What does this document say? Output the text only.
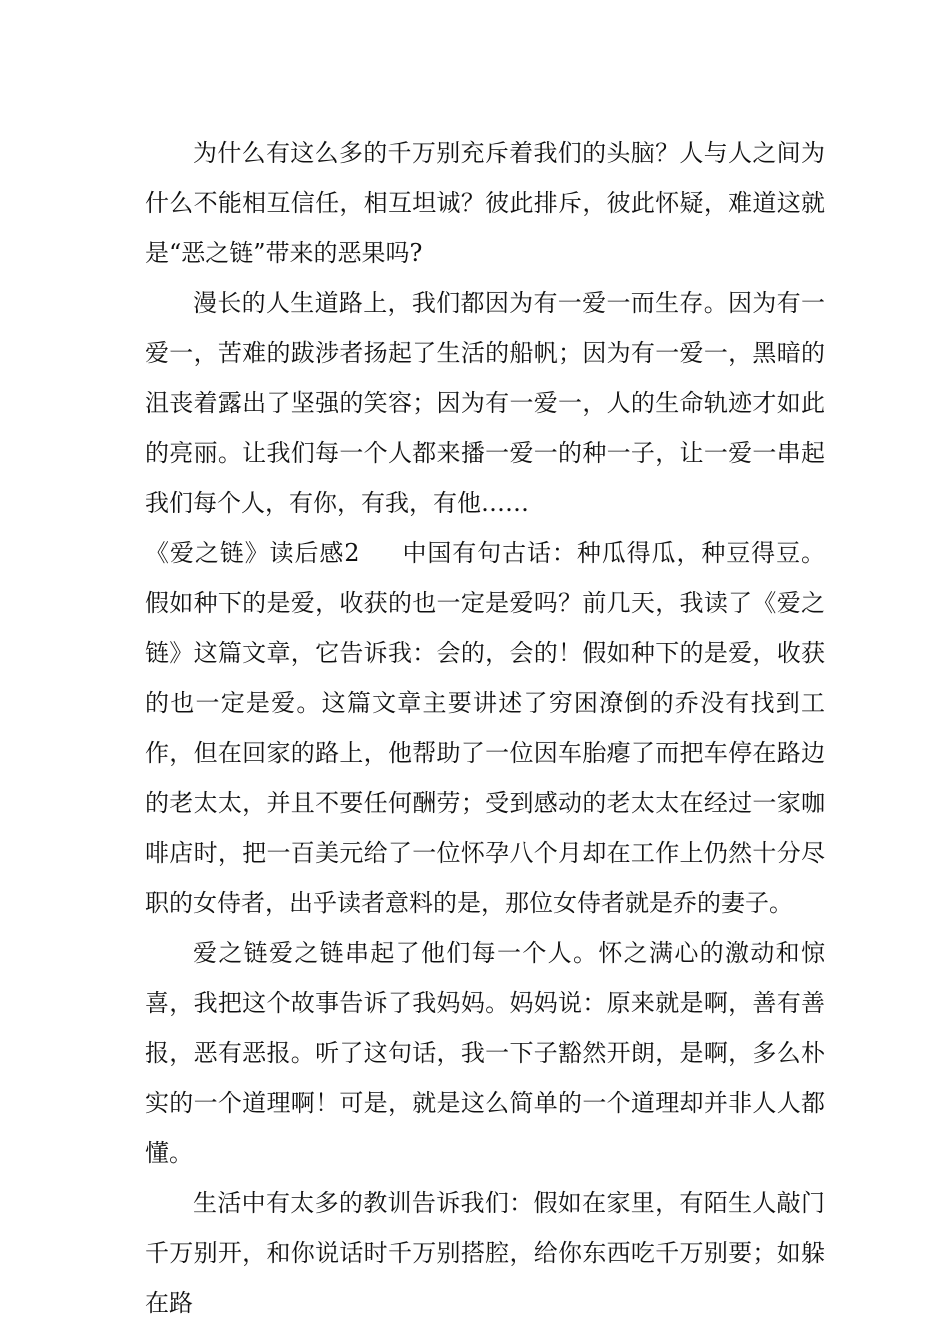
为什么有这么多的千万别充斥着我们的头脑？人与人之间为什么不能相互信任，相互坦诚？彼此排斥，彼此怀疑，难道这就是“恶之链”带来的恶果吗?

漫长的人生道路上，我们都因为有一爱一而生存。因为有一爱一，苦难的跋涉者扬起了生活的船帆；因为有一爱一，黑暗的沮丧着露出了坚强的笑容；因为有一爱一，人的生命轨迹才如此的亮丽。让我们每一个人都来播一爱一的种一子，让一爱一串起我们每个人，有你，有我，有他……

《爱之链》读后感2 中国有句古话：种瓜得瓜，种豆得豆。假如种下的是爱，收获的也一定是爱吗？前几天，我读了《爱之链》这篇文章，它告诉我：会的，会的！假如种下的是爱，收获的也一定是爱。这篇文章主要讲述了穷困潦倒的乔没有找到工作，但在回家的路上，他帮助了一位因车胎瘪了而把车停在路边的老太太，并且不要任何酬劳；受到感动的老太太在经过一家咖啡店时，把一百美元给了一位怀孕八个月却在工作上仍然十分尽职的女侍者，出乎读者意料的是，那位女侍者就是乔的妻子。

爱之链爱之链串起了他们每一个人。怀之满心的激动和惊喜，我把这个故事告诉了我妈妈。妈妈说：原来就是啊，善有善报，恶有恶报。听了这句话，我一下子豁然开朗，是啊，多么朴实的一个道理啊！可是，就是这么简单的一个道理却并非人人都懂。

生活中有太多的教训告诉我们：假如在家里，有陌生人敲门千万别开，和你说话时千万别搭腔，给你东西吃千万别要；如躲在路
